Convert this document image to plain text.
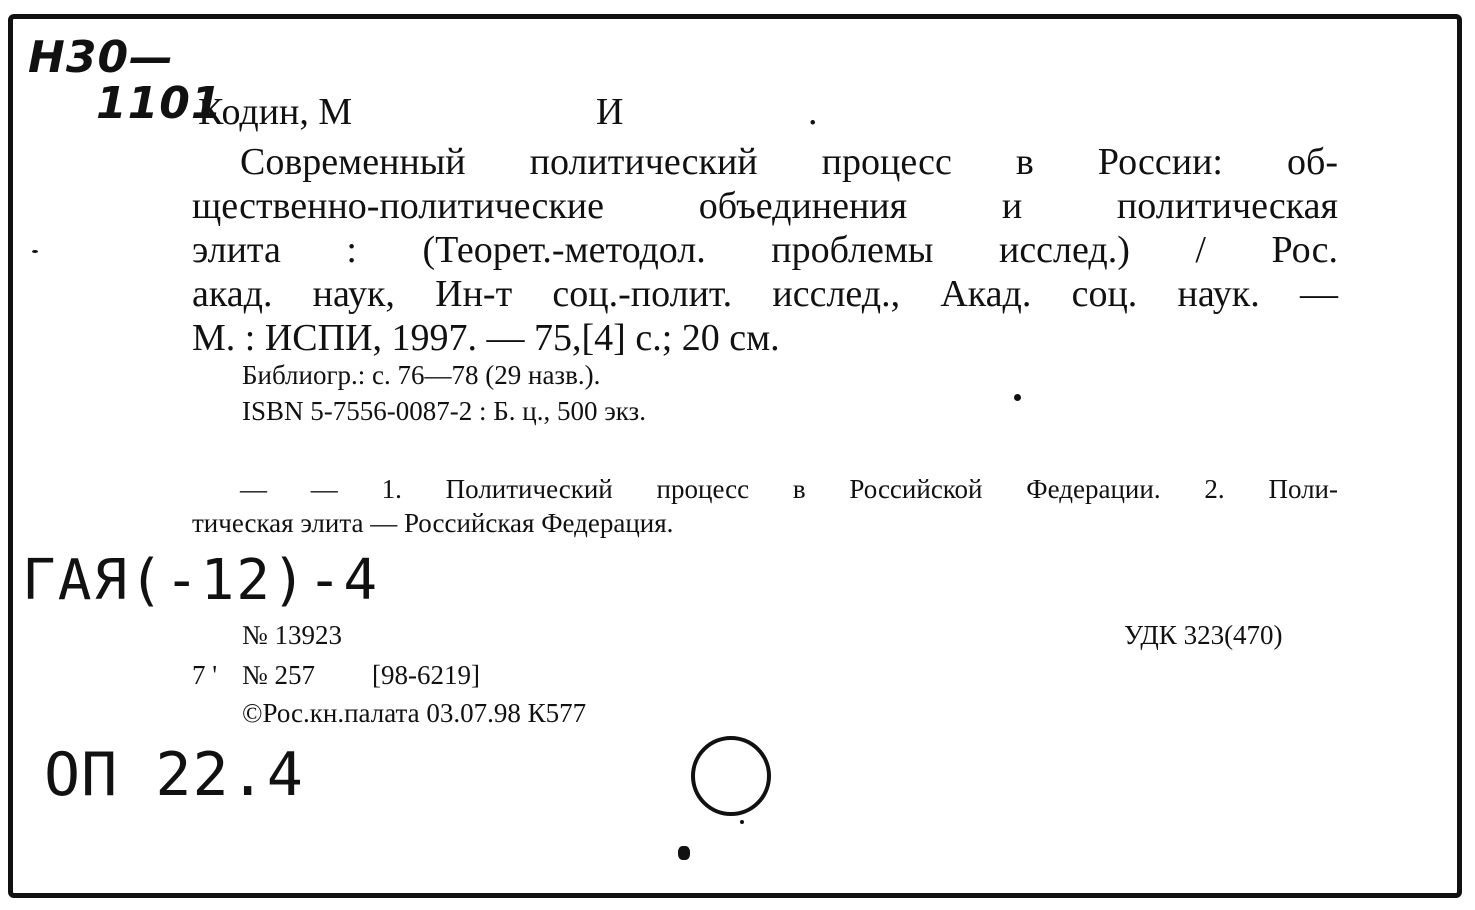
Н30—
1101
Кодин, М	И	.
Современный политический процесс в России: об-
щественно-политические объединения и политическая
элита : (Теорет.-методол. проблемы исслед.) / Рос.
акад. наук, Ин-т соц.-полит. исслед., Акад. соц. наук. —
М. : ИСПИ, 1997. — 75,[4] с.; 20 см.
Библиогр.: с. 76—78 (29 назв.).
ISBN 5-7556-0087-2 : Б. ц., 500 экз.
— — 1. Политический процесс в Российской Федерации. 2. Поли-
тическая элита — Российская Федерация.
ГАЯ(-12)-4
№ 13923	УДК 323(470)
7 ' № 257 [98-6219]
©Рос.кн.палата 03.07.98 К577
ОП 22.4
